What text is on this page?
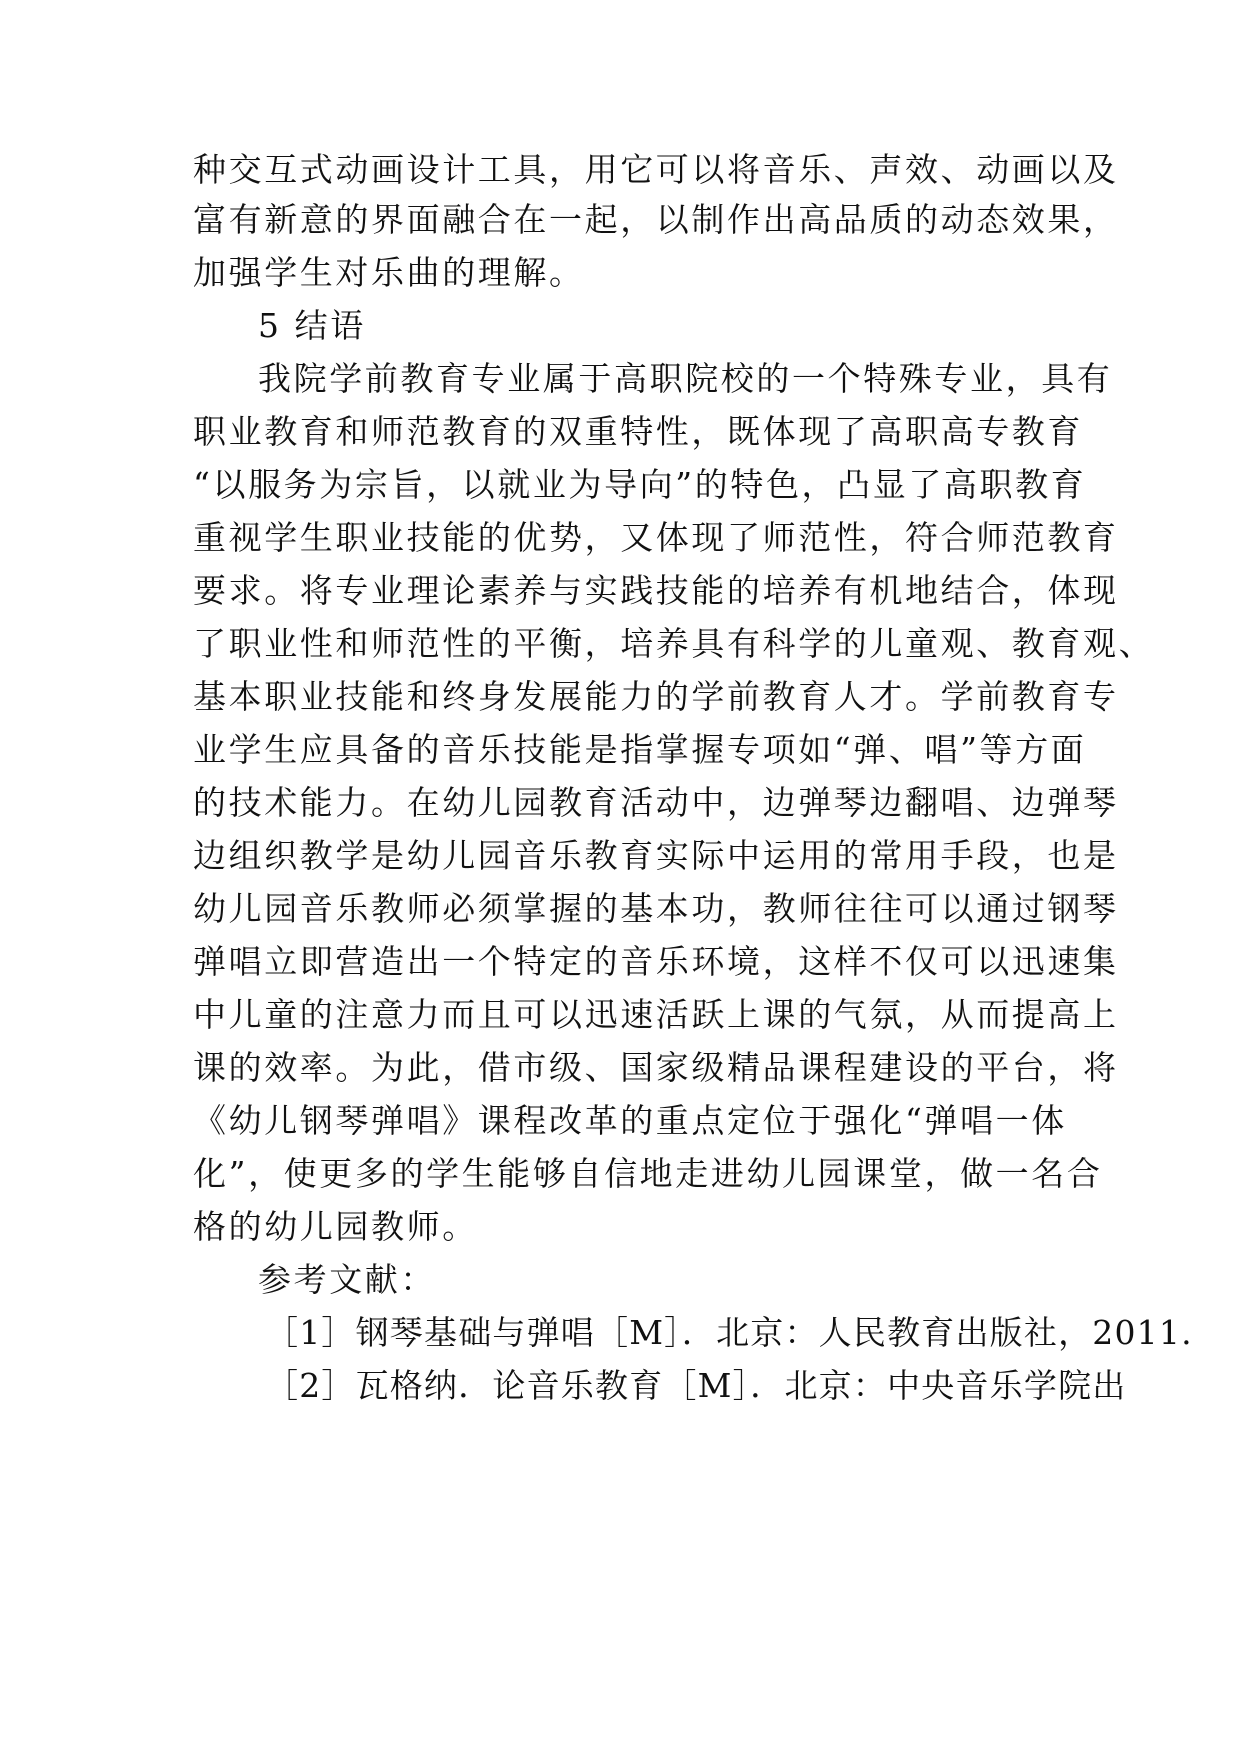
种交互式动画设计工具，用它可以将音乐、声效、动画以及
富有新意的界面融合在一起，以制作出高品质的动态效果，
加强学生对乐曲的理解。
5 结语
我院学前教育专业属于高职院校的一个特殊专业，具有
职业教育和师范教育的双重特性，既体现了高职高专教育
“以服务为宗旨，以就业为导向”的特色，凸显了高职教育
重视学生职业技能的优势，又体现了师范性，符合师范教育
要求。将专业理论素养与实践技能的培养有机地结合，体现
了职业性和师范性的平衡，培养具有科学的儿童观、教育观、
基本职业技能和终身发展能力的学前教育人才。学前教育专
业学生应具备的音乐技能是指掌握专项如“弹、唱”等方面
的技术能力。在幼儿园教育活动中，边弹琴边翻唱、边弹琴
边组织教学是幼儿园音乐教育实际中运用的常用手段，也是
幼儿园音乐教师必须掌握的基本功，教师往往可以通过钢琴
弹唱立即营造出一个特定的音乐环境，这样不仅可以迅速集
中儿童的注意力而且可以迅速活跃上课的气氛，从而提高上
课的效率。为此，借市级、国家级精品课程建设的平台，将
《幼儿钢琴弹唱》课程改革的重点定位于强化“弹唱一体
化”，使更多的学生能够自信地走进幼儿园课堂，做一名合
格的幼儿园教师。
参考文献：
［1］钢琴基础与弹唱［M］．北京：人民教育出版社，2011.
［2］瓦格纳．论音乐教育［M］．北京：中央音乐学院出
